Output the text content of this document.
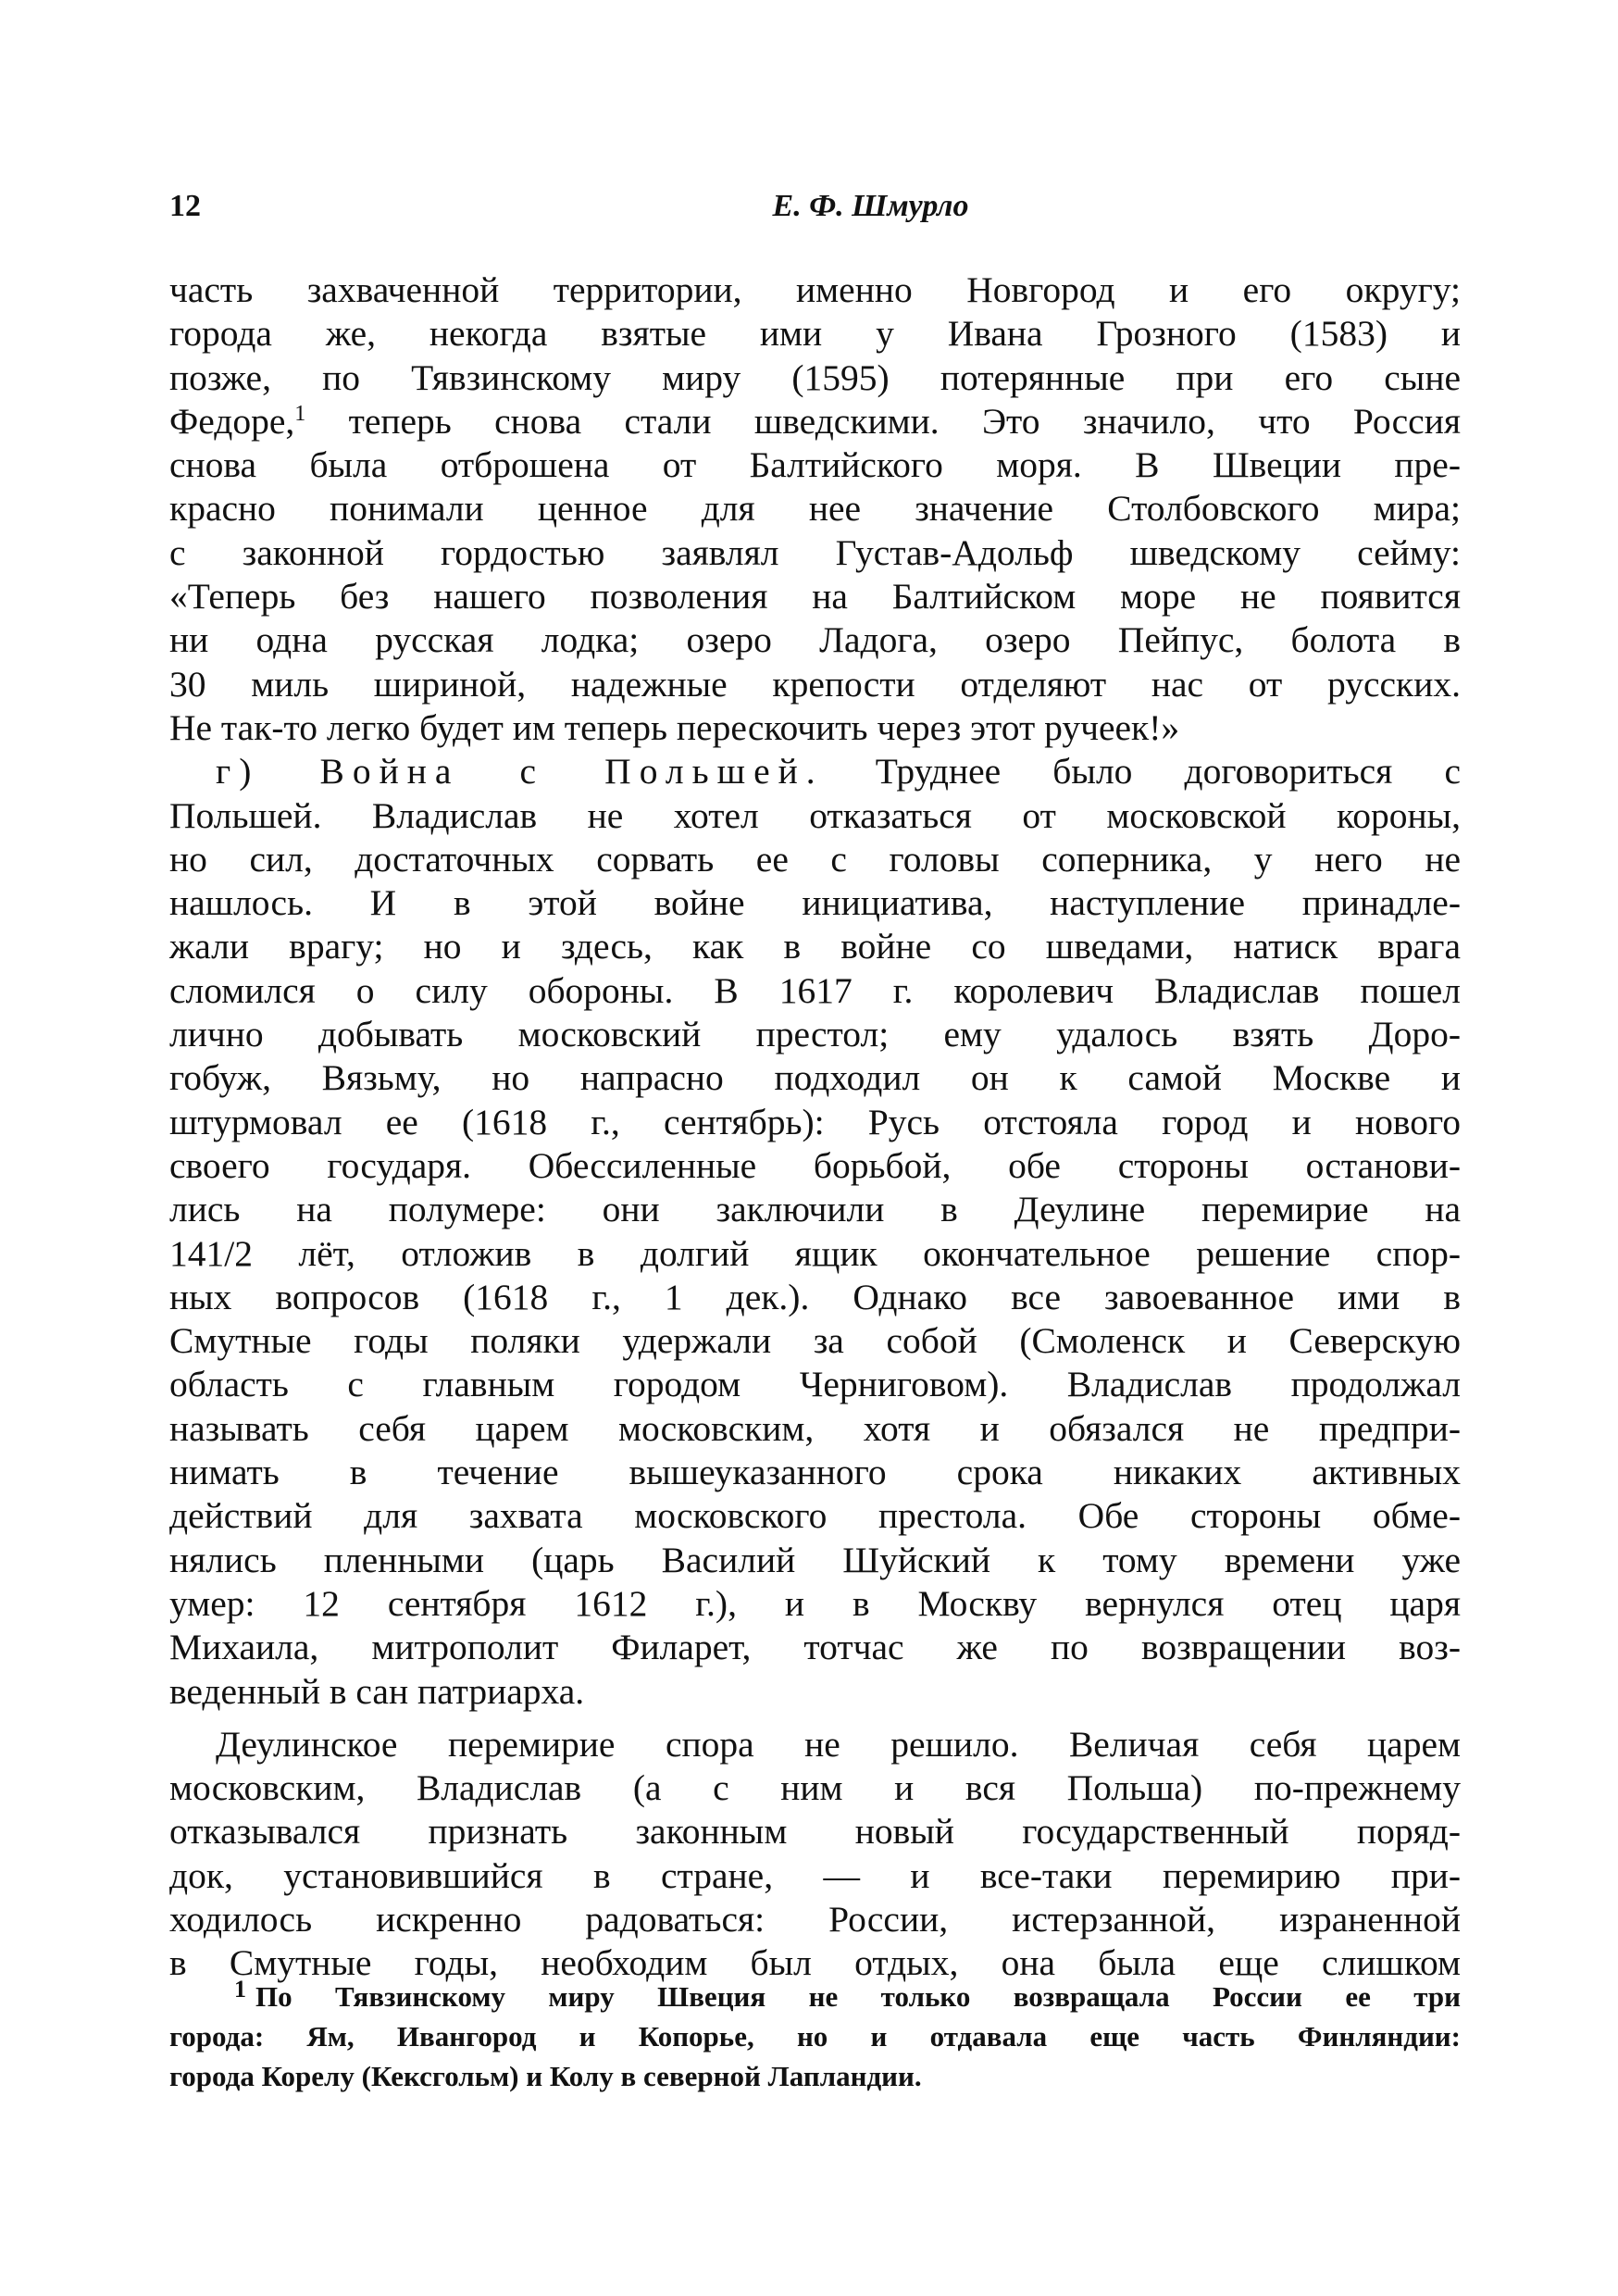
12	Е. Ф. Шмурло
часть захваченной территории, именно Новгород и его округу;
города же, некогда взятые ими у Ивана Грозного (1583) и
позже, по Тявзинскому миру (1595) потерянные при его сыне
Федоре,$^1$ теперь снова стали шведскими. Это значило, что Россия
снова была отброшена от Балтийского моря. В Швеции пре-
красно понимали ценное для нее значение Столбовского мира;
с законной гордостью заявлял Густав-Адольф шведскому сейму:
«Теперь без нашего позволения на Балтийском море не появится
ни одна русская лодка; озеро Ладога, озеро Пейпус, болота в
30 миль шириной, надежные крепости отделяют нас от русских.
Не так-то легко будет им теперь перескочить через этот ручеек!»
г) Война с Польшей. Труднее было договориться с
Польшей. Владислав не хотел отказаться от московской короны,
но сил, достаточных сорвать ее с головы соперника, у него не
нашлось. И в этой войне инициатива, наступление принадле-
жали врагу; но и здесь, как в войне со шведами, натиск врага
сломился о силу обороны. В 1617 г. королевич Владислав пошел
лично добывать московский престол; ему удалось взять Доро-
гобуж, Вязьму, но напрасно подходил он к самой Москве и
штурмовал ее (1618 г., сентябрь): Русь отстояла город и нового
своего государя. Обессиленные борьбой, обе стороны останови-
лись на полумере: они заключили в Деулине перемирие на
141/2 лёт, отложив в долгий ящик окончательное решение спор-
ных вопросов (1618 г., 1 дек.). Однако все завоеванное ими в
Смутные годы поляки удержали за собой (Смоленск и Северскую
область с главным городом Черниговом). Владислав продолжал
называть себя царем московским, хотя и обязался не предпри-
нимать в течение вышеуказанного срока никаких активных
действий для захвата московского престола. Обе стороны обме-
нялись пленными (царь Василий Шуйский к тому времени уже
умер: 12 сентября 1612 г.), и в Москву вернулся отец царя
Михаила, митрополит Филарет, тотчас же по возвращении воз-
веденный в сан патриарха.
Деулинское перемирие спора не решило. Величая себя царем
московским, Владислав (а с ним и вся Польша) по-прежнему
отказывался признать законным новый государственный поряд-
док, установившийся в стране, — и все-таки перемирию при-
ходилось искренно радоваться: России, истерзанной, израненной
в Смутные годы, необходим был отдых, она была еще слишком
$^1$ По Тявзинскому миру Швеция не только возвращала России ее три
города: Ям, Ивангород и Копорье, но и отдавала еще часть Финляндии:
города Корелу (Кексгольм) и Колу в северной Лапландии.
